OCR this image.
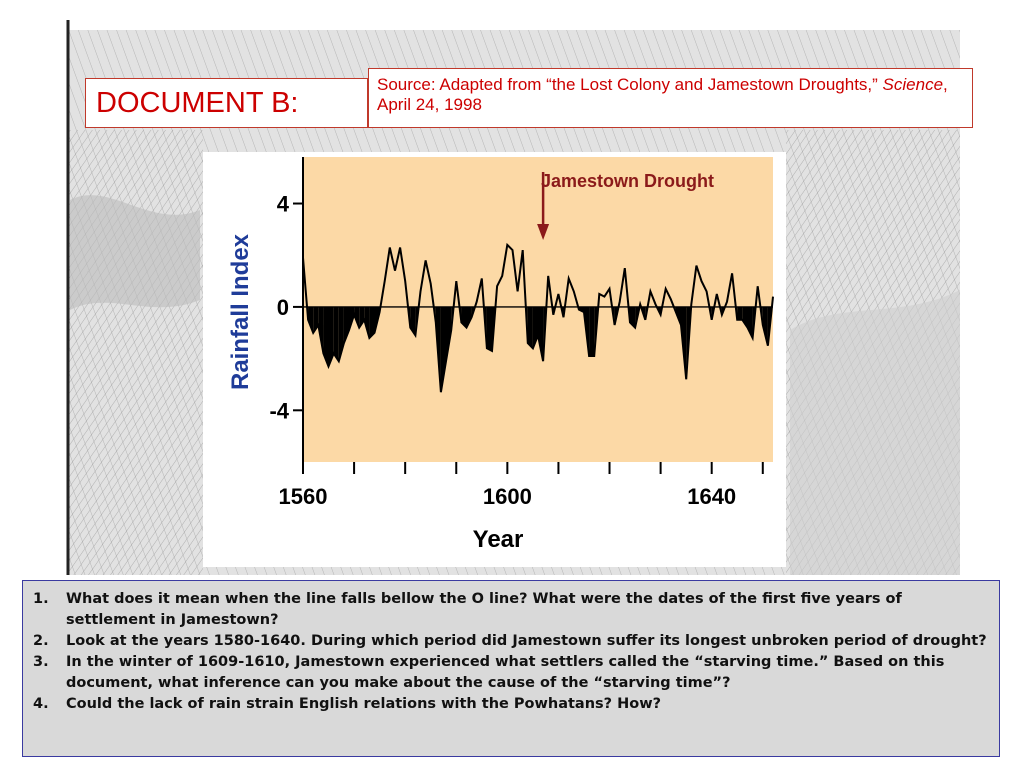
DOCUMENT B:
Source: Adapted from “the Lost Colony and Jamestown Droughts,” Science, April 24, 1998
4
0
-4
1560	1600	1640
Rainfall Index
Year
Jamestown Drought
1.	What does it mean when the line falls bellow the O line? What were the dates of the first five years of settlement in Jamestown?
2.	Look at the years 1580-1640. During which period did Jamestown suffer its longest unbroken period of drought?
3.	In the winter of 1609-1610, Jamestown experienced what settlers called the “starving time.” Based on this document, what inference can you make about the cause of the “starving time”?
4.	Could the lack of rain strain English relations with the Powhatans? How?
